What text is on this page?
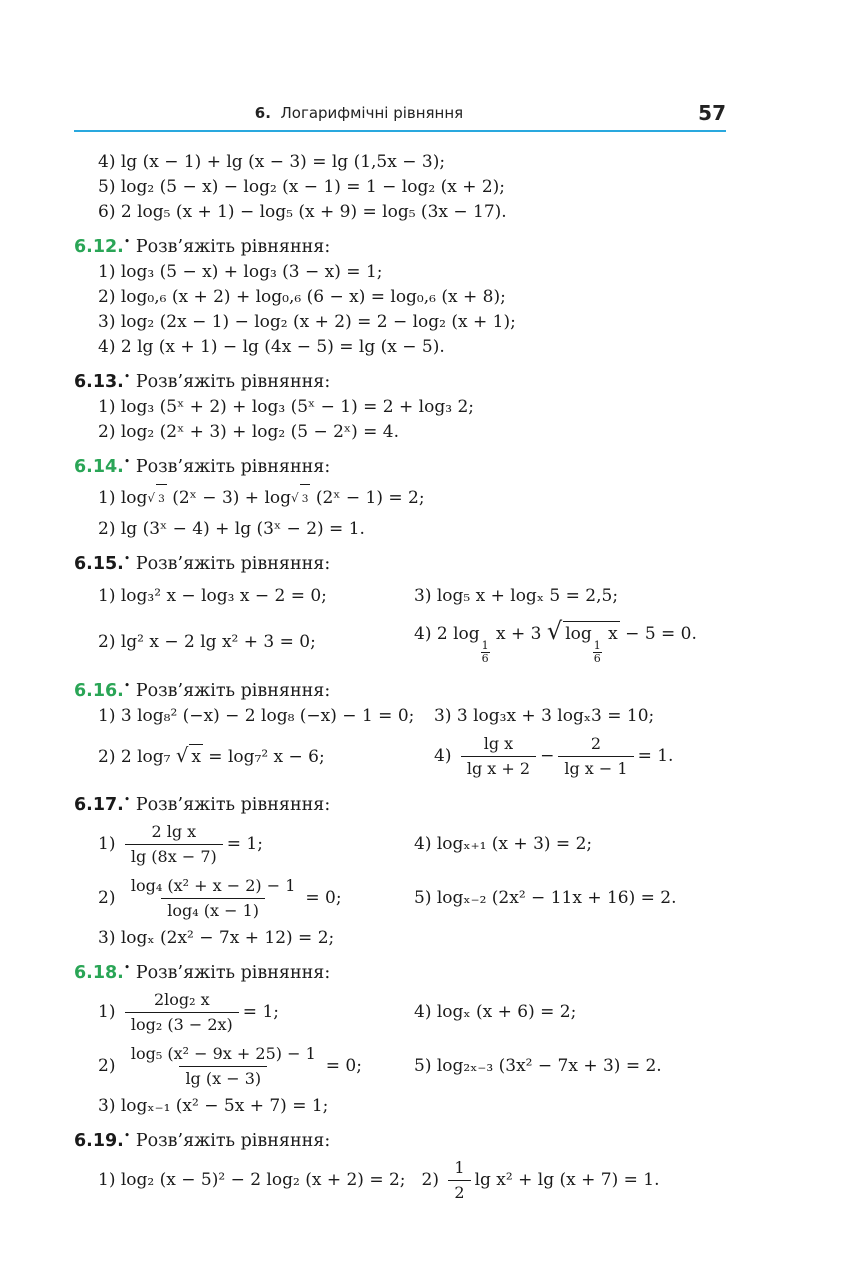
6. Логарифмічні рівняння	57
4) lg (x − 1) + lg (x − 3) = lg (1,5x − 3);
5) log₂ (5 − x) − log₂ (x − 1) = 1 − log₂ (x + 2);
6) 2 log₅ (x + 1) − log₅ (x + 9) = log₅ (3x − 17).
6.12.• Розв’яжіть рівняння:
1) log₃ (5 − x) + log₃ (3 − x) = 1;
2) log₀,₆ (x + 2) + log₀,₆ (6 − x) = log₀,₆ (x + 8);
3) log₂ (2x − 1) − log₂ (x + 2) = 2 − log₂ (x + 1);
4) 2 lg (x + 1) − lg (4x − 5) = lg (x − 5).
6.13.• Розв’яжіть рівняння:
1) log₃ (5ˣ + 2) + log₃ (5ˣ − 1) = 2 + log₃ 2;
2) log₂ (2ˣ + 3) + log₂ (5 − 2ˣ) = 4.
6.14.• Розв’яжіть рівняння:
1) log √ 3
(2ˣ − 3) + log √ 3
(2ˣ − 1) = 2;
2) lg (3ˣ − 4) + lg (3ˣ − 2) = 1.
6.15.• Розв’яжіть рівняння:
1) log₃² x − log₃ x − 2 = 0;	3) log₅ x + logₓ 5 = 2,5;
2) lg² x − 2 lg x² + 3 = 0;	4) 2 log
$\frac{1}{6}$
x + 3 √ log
$\frac{1}{6}$
x − 5 = 0.
6.16.• Розв’яжіть рівняння:
1) 3 log₈² (−x) − 2 log₈ (−x) − 1 = 0;	3) 3 log₃x + 3 logₓ3 = 10;
2) 2 log₇ √ x = log₇² x − 6;	$4) \frac{\text{lg x}}{\text{lg x + 2}} - \frac{2}{\text{lg x − 1}} = 1$.
6.17.• Розв’яжіть рівняння:
$1) \frac{\text{2 lg x}}{\lg (8x - 7)} = 1$;	4) logₓ₊₁ (x + 3) = 2;
$2) \frac{\text{log₄ (x² + x − 2) − 1}}{\text{log₄ (x − 1)}} = 0$;	5) logₓ₋₂ (2x² − 11x + 16) = 2.
3) logₓ (2x² − 7x + 12) = 2;
6.18.• Розв’яжіть рівняння:
$1) \frac{\text{2log₂ x}}{\text{log₂ (3 − 2x)}} = 1$;	4) logₓ (x + 6) = 2;
$2) \frac{\text{log₅ (x² − 9x + 25) − 1}}{\lg (x - 3)} = 0$;	5) log₂ₓ₋₃ (3x² − 7x + 3) = 2.
3) logₓ₋₁ (x² − 5x + 7) = 1;
6.19.• Розв’яжіть рівняння:
1) log₂ (x − 5)² − 2 log₂ (x + 2) = 2; $2) \frac{1}{2}$ lg x² + lg (x + 7) = 1.
